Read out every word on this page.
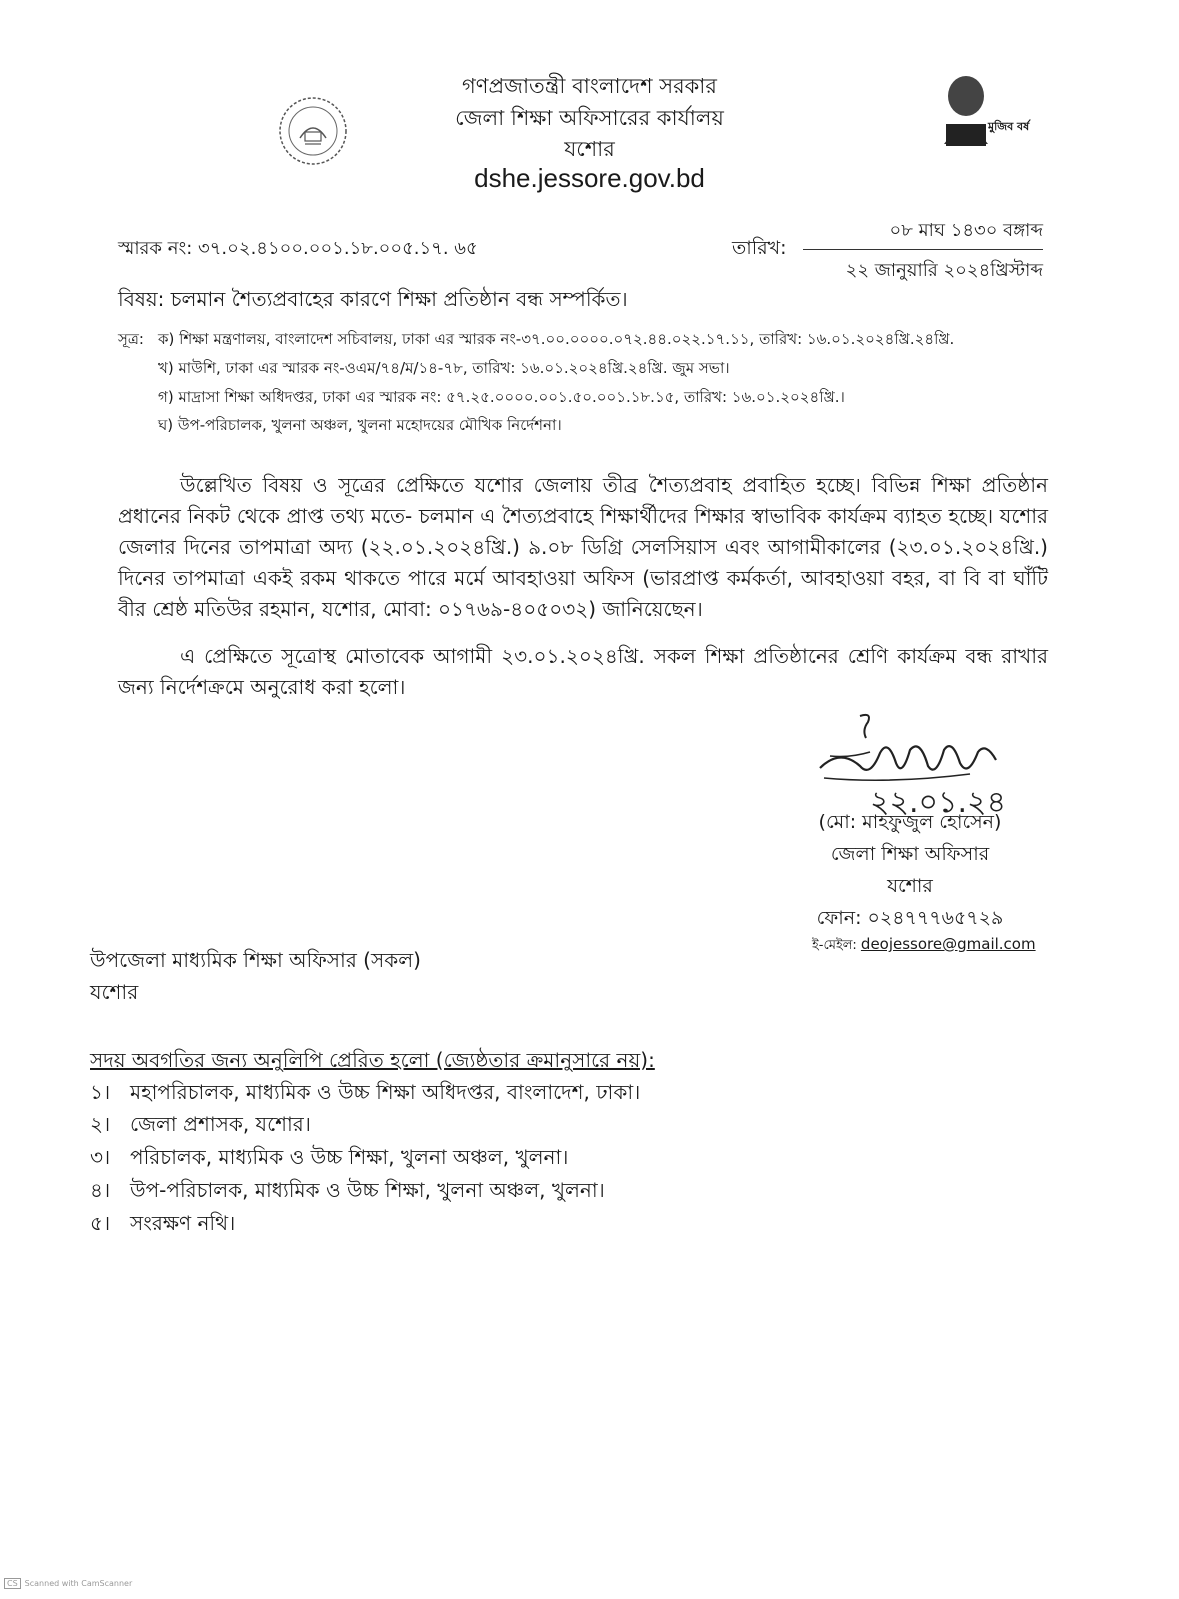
গণপ্রজাতন্ত্রী বাংলাদেশ সরকার
জেলা শিক্ষা অফিসারের কার্যালয়
যশোর
dshe.jessore.gov.bd
মুজিব বর্ষ
স্মারক নং: ৩৭.০২.৪১০০.০০১.১৮.০০৫.১৭. ৬৫	তারিখ:
০৮ মাঘ ১৪৩০ বঙ্গাব্দ
২২ জানুয়ারি ২০২৪খ্রিস্টাব্দ
বিষয়: চলমান শৈত্যপ্রবাহের কারণে শিক্ষা প্রতিষ্ঠান বন্ধ সম্পর্কিত।
সূত্র: ক) শিক্ষা মন্ত্রণালয়, বাংলাদেশ সচিবালয়, ঢাকা এর স্মারক নং-৩৭.০০.০০০০.০৭২.৪৪.০২২.১৭.১১, তারিখ: ১৬.০১.২০২৪খ্রি.২৪খ্রি.
খ) মাউশি, ঢাকা এর স্মারক নং-ওএম/৭৪/ম/১৪-৭৮, তারিখ: ১৬.০১.২০২৪খ্রি.২৪খ্রি. জুম সভা।
গ) মাদ্রাসা শিক্ষা অধিদপ্তর, ঢাকা এর স্মারক নং: ৫৭.২৫.০০০০.০০১.৫০.০০১.১৮.১৫, তারিখ: ১৬.০১.২০২৪খ্রি.।
ঘ) উপ-পরিচালক, খুলনা অঞ্চল, খুলনা মহোদয়ের মৌখিক নির্দেশনা।

উল্লেখিত বিষয় ও সূত্রের প্রেক্ষিতে যশোর জেলায় তীব্র শৈত্যপ্রবাহ প্রবাহিত হচ্ছে। বিভিন্ন শিক্ষা প্রতিষ্ঠান প্রধানের নিকট থেকে প্রাপ্ত তথ্য মতে- চলমান এ শৈত্যপ্রবাহে শিক্ষার্থীদের শিক্ষার স্বাভাবিক কার্যক্রম ব্যাহত হচ্ছে। যশোর জেলার দিনের তাপমাত্রা অদ্য (২২.০১.২০২৪খ্রি.) ৯.০৮ ডিগ্রি সেলসিয়াস এবং আগামীকালের (২৩.০১.২০২৪খ্রি.) দিনের তাপমাত্রা একই রকম থাকতে পারে মর্মে আবহাওয়া অফিস (ভারপ্রাপ্ত কর্মকর্তা, আবহাওয়া বহর, বা বি বা ঘাঁটি বীর শ্রেষ্ঠ মতিউর রহমান, যশোর, মোবা: ০১৭৬৯-৪০৫০৩২) জানিয়েছেন।

এ প্রেক্ষিতে সূত্রোস্থ মোতাবেক আগামী ২৩.০১.২০২৪খ্রি. সকল শিক্ষা প্রতিষ্ঠানের শ্রেণি কার্যক্রম বন্ধ রাখার জন্য নির্দেশক্রমে অনুরোধ করা হলো।

২২.০১.২৪
(মো: মাহফুজুল হোসেন)
জেলা শিক্ষা অফিসার
যশোর
ফোন: ০২৪৭৭৭৬৫৭২৯
ই-মেইল: deojessore@gmail.com
উপজেলা মাধ্যমিক শিক্ষা অফিসার (সকল)
যশোর
সদয় অবগতির জন্য অনুলিপি প্রেরিত হলো (জ্যেষ্ঠতার ক্রমানুসারে নয়):
১। মহাপরিচালক, মাধ্যমিক ও উচ্চ শিক্ষা অধিদপ্তর, বাংলাদেশ, ঢাকা।
২। জেলা প্রশাসক, যশোর।
৩। পরিচালক, মাধ্যমিক ও উচ্চ শিক্ষা, খুলনা অঞ্চল, খুলনা।
৪। উপ-পরিচালক, মাধ্যমিক ও উচ্চ শিক্ষা, খুলনা অঞ্চল, খুলনা।
৫। সংরক্ষণ নথি।
CS Scanned with CamScanner
